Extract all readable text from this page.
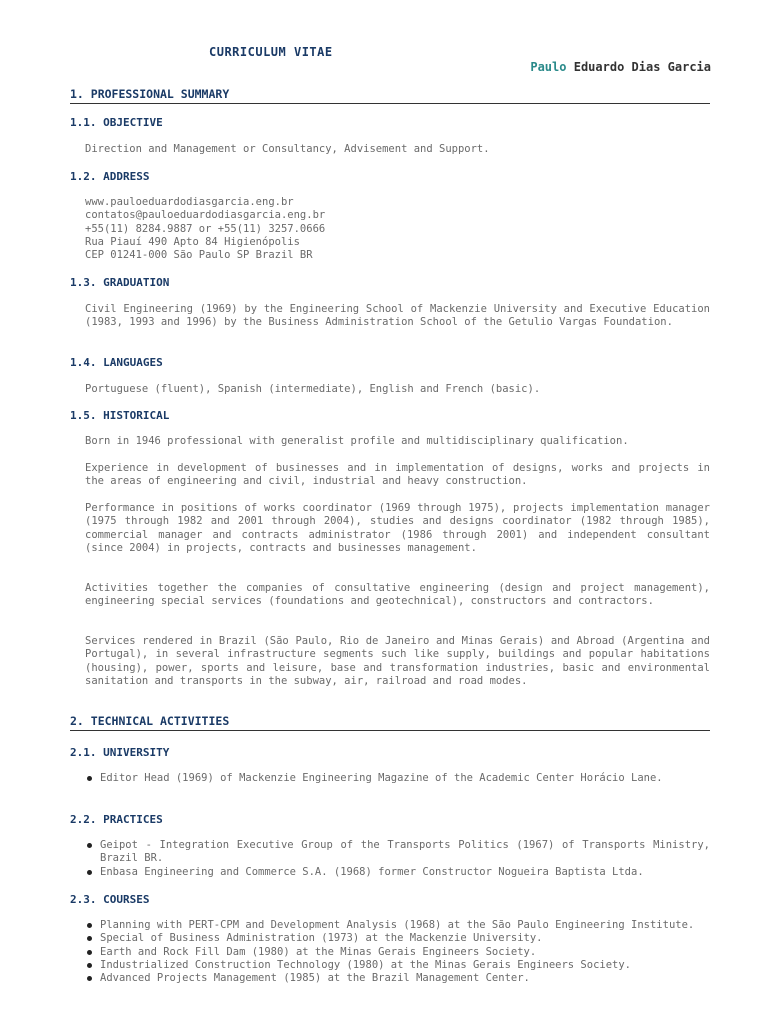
CURRICULUM VITAE
Paulo Eduardo Dias Garcia
1. PROFESSIONAL SUMMARY
1.1. OBJECTIVE
Direction and Management or Consultancy, Advisement and Support.
1.2. ADDRESS
www.pauloeduardodiasgarcia.eng.br
contatos@pauloeduardodiasgarcia.eng.br
+55(11) 8284.9887 or +55(11) 3257.0666
Rua Piauí 490 Apto 84 Higienópolis
CEP 01241-000 São Paulo SP Brazil BR
1.3. GRADUATION
Civil Engineering (1969) by the Engineering School of Mackenzie University and Executive Education (1983, 1993 and 1996) by the Business Administration School of the Getulio Vargas Foundation.
1.4. LANGUAGES
Portuguese (fluent), Spanish (intermediate), English and French (basic).
1.5. HISTORICAL
Born in 1946 professional with generalist profile and multidisciplinary qualification.
Experience in development of businesses and in implementation of designs, works and projects in the areas of engineering and civil, industrial and heavy construction.
Performance in positions of works coordinator (1969 through 1975), projects implementation manager (1975 through 1982 and 2001 through 2004), studies and designs coordinator (1982 through 1985), commercial manager and contracts administrator (1986 through 2001) and independent consultant (since 2004) in projects, contracts and businesses management.
Activities together the companies of consultative engineering (design and project management), engineering special services (foundations and geotechnical), constructors and contractors.
Services rendered in Brazil (São Paulo, Rio de Janeiro and Minas Gerais) and Abroad (Argentina and Portugal), in several infrastructure segments such like supply, buildings and popular habitations (housing), power, sports and leisure, base and transformation industries, basic and environmental sanitation and transports in the subway, air, railroad and road modes.
2. TECHNICAL ACTIVITIES
2.1. UNIVERSITY
Editor Head (1969) of Mackenzie Engineering Magazine of the Academic Center Horácio Lane.
2.2. PRACTICES
Geipot - Integration Executive Group of the Transports Politics (1967) of Transports Ministry, Brazil BR.
Enbasa Engineering and Commerce S.A. (1968) former Constructor Nogueira Baptista Ltda.
2.3. COURSES
Planning with PERT-CPM and Development Analysis (1968) at the São Paulo Engineering Institute.
Special of Business Administration (1973) at the Mackenzie University.
Earth and Rock Fill Dam (1980) at the Minas Gerais Engineers Society.
Industrialized Construction Technology (1980) at the Minas Gerais Engineers Society.
Advanced Projects Management (1985) at the Brazil Management Center.
